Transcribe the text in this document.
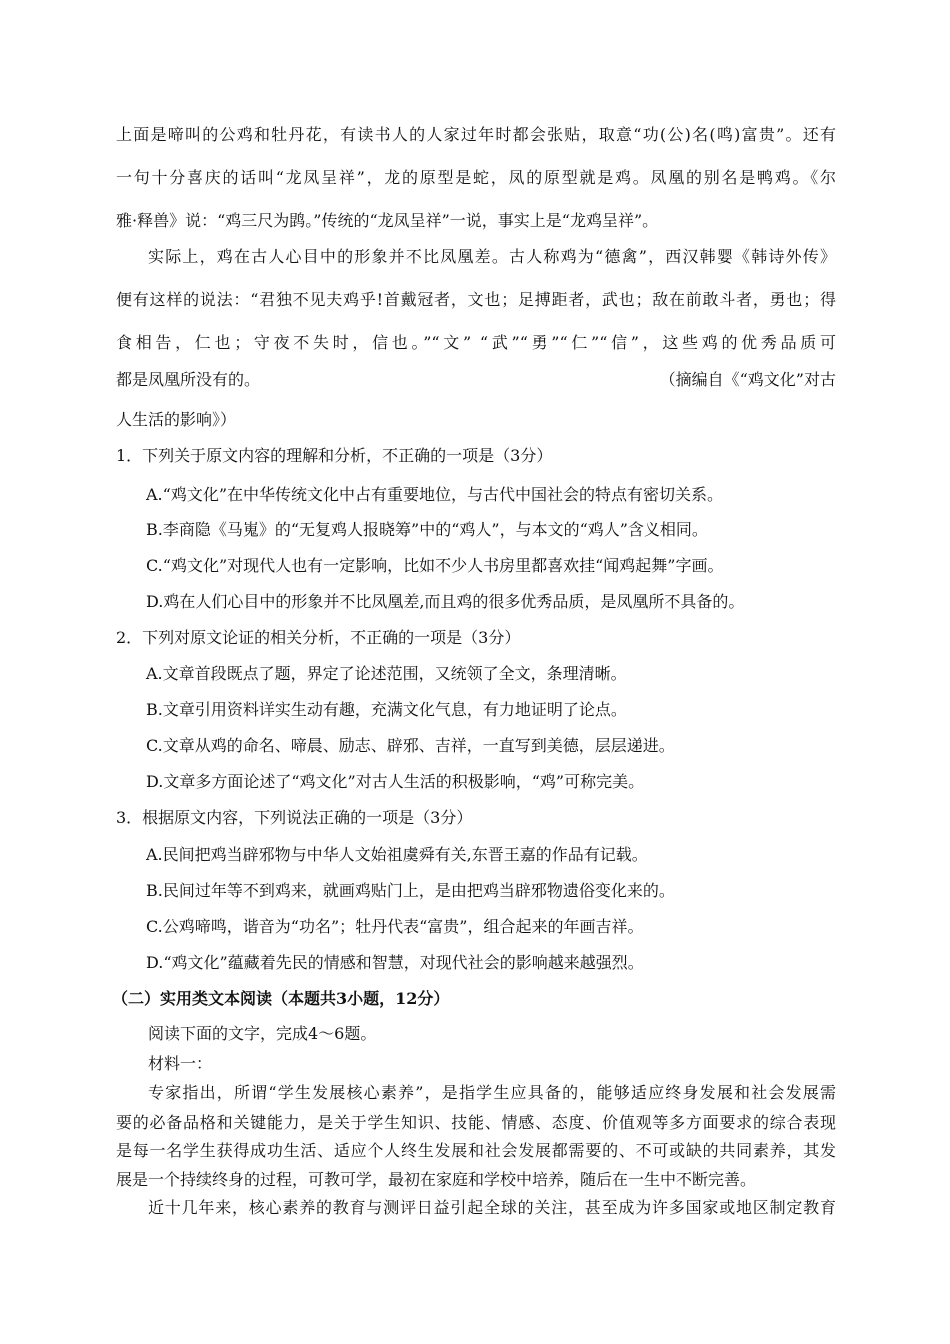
上面是啼叫的公鸡和牡丹花，有读书人的人家过年时都会张贴，取意“功(公)名(鸣)富贵”。还有
一句十分喜庆的话叫“龙凤呈祥”，龙的原型是蛇，凤的原型就是鸡。凤凰的别名是鸭鸡。《尔
雅·释兽》说：“鸡三尺为鹍。”传统的“龙凤呈祥”一说，事实上是“龙鸡呈祥”。
实际上，鸡在古人心目中的形象并不比凤凰差。古人称鸡为“德禽”，西汉韩婴《韩诗外传》
便有这样的说法：“君独不见夫鸡乎!首戴冠者，文也；足搏距者，武也；敌在前敢斗者，勇也；得
食相告，仁也；守夜不失时，信也。”“文” “武”“勇”“仁”“信”，这些鸡的优秀品质可
都是凤凰所没有的。	（摘编自《“鸡文化”对古
人生活的影响》）
1．下列关于原文内容的理解和分析，不正确的一项是（3分）
A.“鸡文化”在中华传统文化中占有重要地位，与古代中国社会的特点有密切关系。
B.李商隐《马嵬》的“无复鸡人报晓筹”中的“鸡人”，与本文的“鸡人”含义相同。
C.“鸡文化”对现代人也有一定影响，比如不少人书房里都喜欢挂“闻鸡起舞”字画。
D.鸡在人们心目中的形象并不比凤凰差,而且鸡的很多优秀品质，是凤凰所不具备的。
2．下列对原文论证的相关分析，不正确的一项是（3分）
A.文章首段既点了题，界定了论述范围，又统领了全文，条理清晰。
B.文章引用资料详实生动有趣，充满文化气息，有力地证明了论点。
C.文章从鸡的命名、啼晨、励志、辟邪、吉祥，一直写到美德，层层递进。
D.文章多方面论述了“鸡文化”对古人生活的积极影响，“鸡”可称完美。
3．根据原文内容，下列说法正确的一项是（3分）
A.民间把鸡当辟邪物与中华人文始祖虞舜有关,东晋王嘉的作品有记载。
B.民间过年等不到鸡来，就画鸡贴门上，是由把鸡当辟邪物遗俗变化来的。
C.公鸡啼鸣，谐音为“功名”；牡丹代表“富贵”，组合起来的年画吉祥。
D.“鸡文化”蕴藏着先民的情感和智慧，对现代社会的影响越来越强烈。
（二）实用类文本阅读（本题共3小题，12分）
阅读下面的文字，完成4～6题。
材料一：
专家指出，所谓“学生发展核心素养”，是指学生应具备的，能够适应终身发展和社会发展需
要的必备品格和关键能力，是关于学生知识、技能、情感、态度、价值观等多方面要求的综合表现
是每一名学生获得成功生活、适应个人终生发展和社会发展都需要的、不可或缺的共同素养，其发
展是一个持续终身的过程，可教可学，最初在家庭和学校中培养，随后在一生中不断完善。
近十几年来，核心素养的教育与测评日益引起全球的关注，甚至成为许多国家或地区制定教育
